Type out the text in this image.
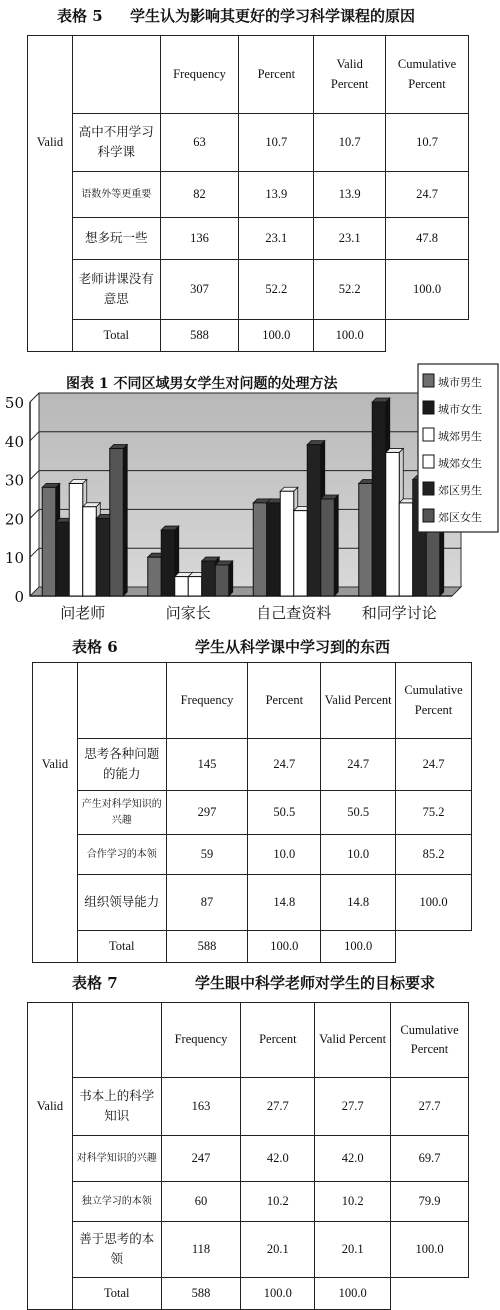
表格 5 学生认为影响其更好的学习科学课程的原因
		Frequency	Percent	Valid Percent	Cumulative Percent
Valid	高中不用学习科学课	63	10.7	10.7	10.7
	语数外等更重要	82	13.9	13.9	24.7
	想多玩一些	136	23.1	23.1	47.8
	老师讲课没有意思	307	52.2	52.2	100.0
	Total	588	100.0	100.0	
图表 1 不同区域男女学生对问题的处理方法
0
10
20
30
40
50
问老师	问家长	自己查资料 和同学讨论
城市男生
城市女生
城郊男生
城郊女生
郊区男生
郊区女生
表格 6	学生从科学课中学习到的东西
		Frequency	Percent	Valid Percent	Cumulative Percent
Valid	思考各种问题的能力	145	24.7	24.7	24.7
	产生对科学知识的兴趣	297	50.5	50.5	75.2
	合作学习的本领	59	10.0	10.0	85.2
	组织领导能力	87	14.8	14.8	100.0
	Total	588	100.0	100.0	
表格 7	学生眼中科学老师对学生的目标要求
		Frequency	Percent	Valid Percent	Cumulative Percent
Valid	书本上的科学知识	163	27.7	27.7	27.7
	对科学知识的兴趣	247	42.0	42.0	69.7
	独立学习的本领	60	10.2	10.2	79.9
	善于思考的本领	118	20.1	20.1	100.0
	Total	588	100.0	100.0	
